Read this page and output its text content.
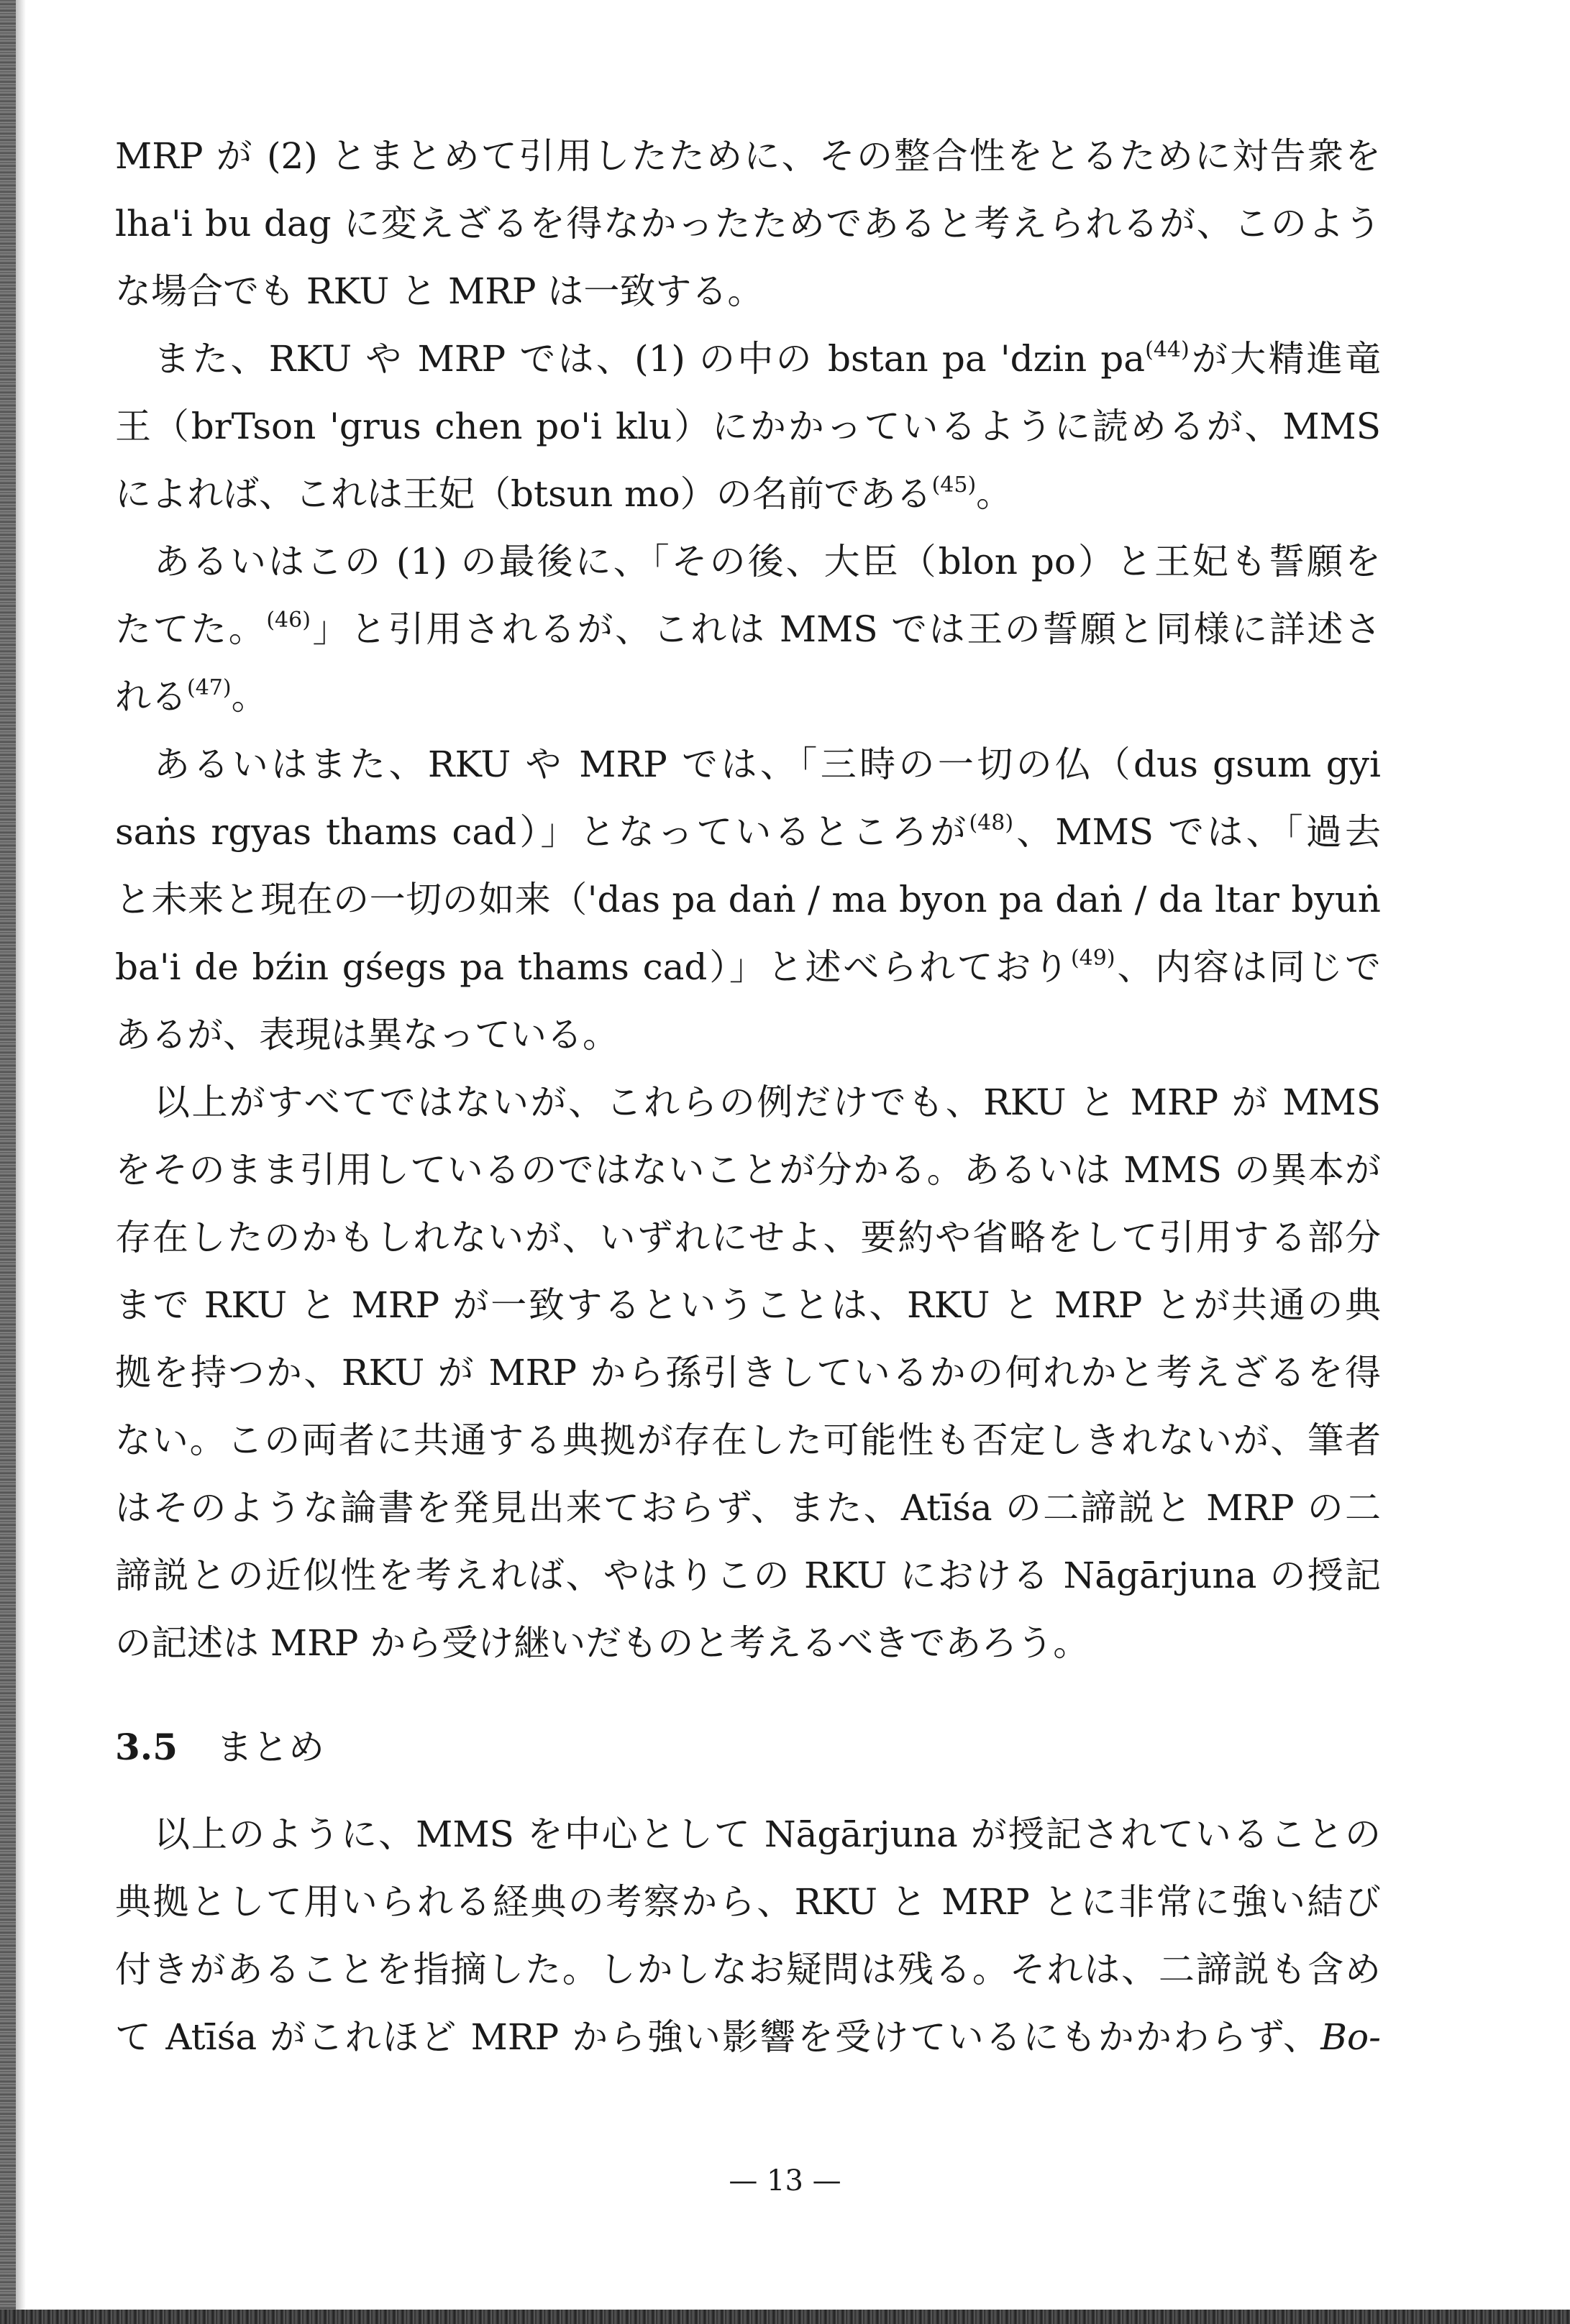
MRP が (2) とまとめて引用したために、その整合性をとるために対告衆を
lha'i bu dag に変えざるを得なかったためであると考えられるが、このよう
な場合でも RKU と MRP は一致する。
また、RKU や MRP では、(1) の中の bstan pa 'dzin $pa^{(44)}$が大精進竜
王（brTson 'grus chen po'i klu）にかかっているように読めるが、MMS
によれば、これは王妃（btsun mo）の名前である$^{(45)}$。
あるいはこの (1) の最後に、「その後、大臣（blon po）と王妃も誓願を
たてた。$^{(46)}$」と引用されるが、これは MMS では王の誓願と同様に詳述さ
れる$^{(47)}$。
あるいはまた、RKU や MRP では、「三時の一切の仏（dus gsum gyi
saṅs rgyas thams cad）」となっているところが$^{(48)}$、MMS では、「過去
と未来と現在の一切の如来（'das pa daṅ / ma byon pa daṅ / da ltar byuṅ
ba'i de bźin gśegs pa thams cad）」と述べられており$^{(49)}$、内容は同じで
あるが、表現は異なっている。
以上がすべてではないが、これらの例だけでも、RKU と MRP が MMS
をそのまま引用しているのではないことが分かる。あるいは MMS の異本が
存在したのかもしれないが、いずれにせよ、要約や省略をして引用する部分
まで RKU と MRP が一致するということは、RKU と MRP とが共通の典
拠を持つか、RKU が MRP から孫引きしているかの何れかと考えざるを得
ない。この両者に共通する典拠が存在した可能性も否定しきれないが、筆者
はそのような論書を発見出来ておらず、また、Atīśa の二諦説と MRP の二
諦説との近似性を考えれば、やはりこの RKU における Nāgārjuna の授記
の記述は MRP から受け継いだものと考えるべきであろう。
3.5 まとめ
以上のように、MMS を中心として Nāgārjuna が授記されていることの
典拠として用いられる経典の考察から、RKU と MRP とに非常に強い結び
付きがあることを指摘した。しかしなお疑問は残る。それは、二諦説も含め
て Atīśa がこれほど MRP から強い影響を受けているにもかかわらず、Bo-
— 13 —
